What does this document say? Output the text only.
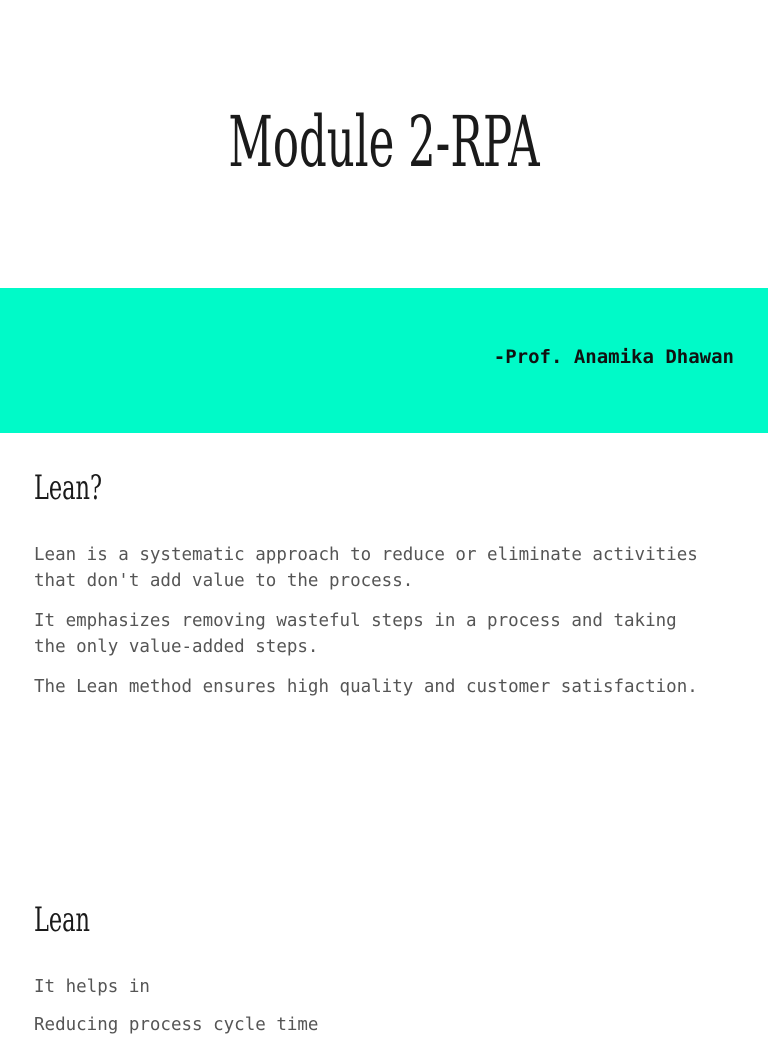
Module 2-RPA

-Prof. Anamika Dhawan

Lean?

Lean is a systematic approach to reduce or eliminate activities that don't add value to the process.

It emphasizes removing wasteful steps in a process and taking the only value-added steps.

The Lean method ensures high quality and customer satisfaction.

Lean

It helps in

Reducing process cycle time
